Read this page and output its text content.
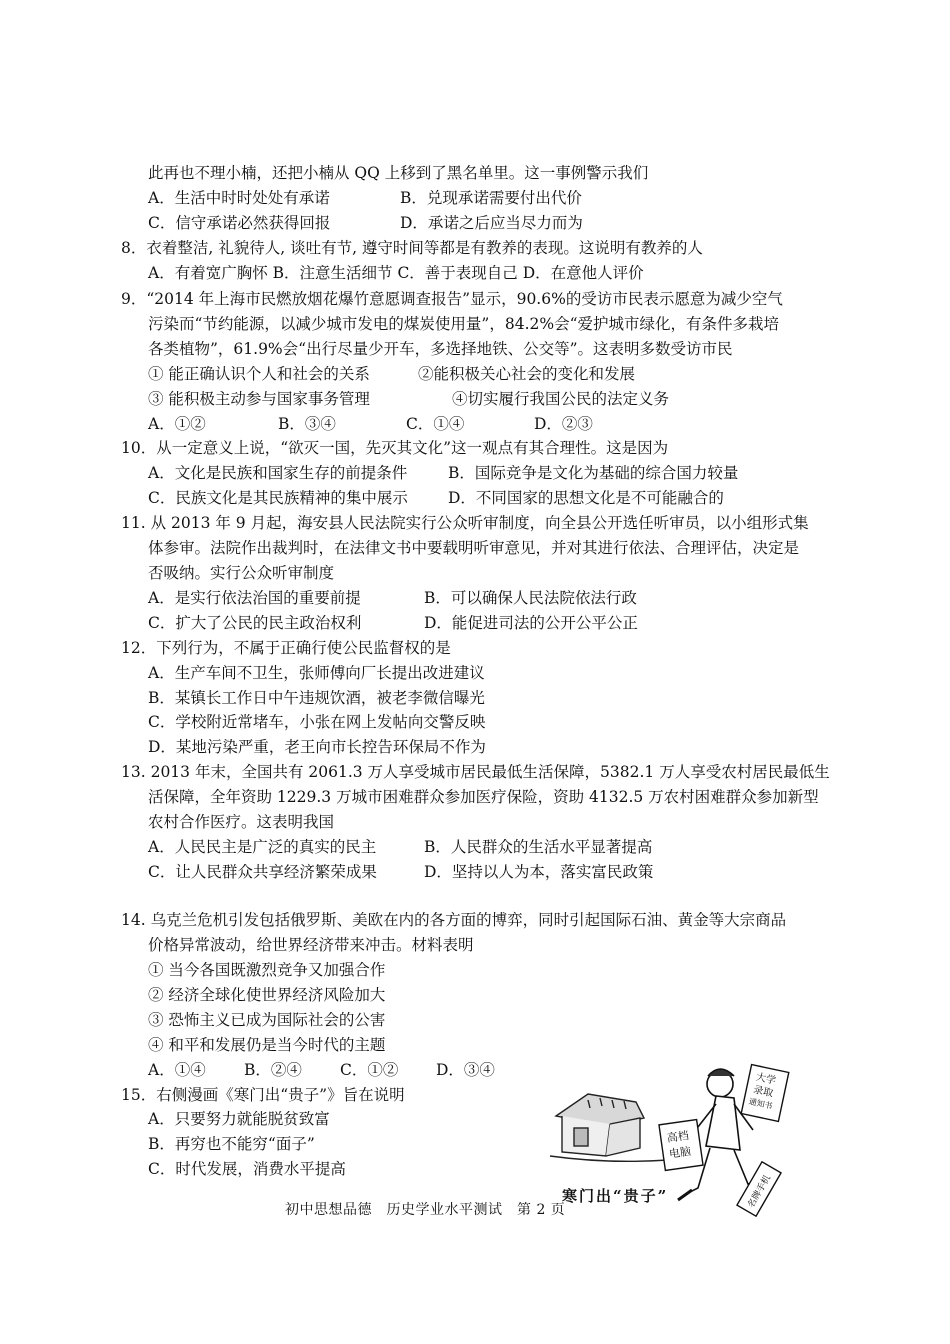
此再也不理小楠，还把小楠从 QQ 上移到了黑名单里。这一事例警示我们
A．生活中时时处处有承诺	B．兑现承诺需要付出代价
C．信守承诺必然获得回报	D．承诺之后应当尽力而为
8．衣着整洁, 礼貌待人, 谈吐有节, 遵守时间等都是有教养的表现。这说明有教养的人
A．有着宽广胸怀 B．注意生活细节 C．善于表现自己 D．在意他人评价
9．“2014 年上海市民燃放烟花爆竹意愿调查报告”显示，90.6%的受访市民表示愿意为减少空气
污染而“节约能源，以减少城市发电的煤炭使用量”，84.2%会“爱护城市绿化，有条件多栽培
各类植物”，61.9%会“出行尽量少开车，多选择地铁、公交等”。这表明多数受访市民
① 能正确认识个人和社会的关系	②能积极关心社会的变化和发展
③ 能积极主动参与国家事务管理	④切实履行我国公民的法定义务
A．①②	B．③④	C．①④	D．②③
10．从一定意义上说，“欲灭一国，先灭其文化”这一观点有其合理性。这是因为
A．文化是民族和国家生存的前提条件	B．国际竞争是文化为基础的综合国力较量
C．民族文化是其民族精神的集中展示	D．不同国家的思想文化是不可能融合的
11. 从 2013 年 9 月起，海安县人民法院实行公众听审制度，向全县公开选任听审员，以小组形式集
体参审。法院作出裁判时，在法律文书中要载明听审意见，并对其进行依法、合理评估，决定是
否吸纳。实行公众听审制度
A．是实行依法治国的重要前提	B．可以确保人民法院依法行政
C．扩大了公民的民主政治权利	D．能促进司法的公开公平公正
12．下列行为，不属于正确行使公民监督权的是
A．生产车间不卫生，张师傅向厂长提出改进建议
B．某镇长工作日中午违规饮酒，被老李微信曝光
C．学校附近常堵车，小张在网上发帖向交警反映
D．某地污染严重，老王向市长控告环保局不作为
13. 2013 年末，全国共有 2061.3 万人享受城市居民最低生活保障，5382.1 万人享受农村居民最低生
活保障，全年资助 1229.3 万城市困难群众参加医疗保险，资助 4132.5 万农村困难群众参加新型
农村合作医疗。这表明我国
A．人民民主是广泛的真实的民主	B．人民群众的生活水平显著提高
C．让人民群众共享经济繁荣成果	D．坚持以人为本，落实富民政策
14. 乌克兰危机引发包括俄罗斯、美欧在内的各方面的博弈，同时引起国际石油、黄金等大宗商品
价格异常波动，给世界经济带来冲击。材料表明
① 当今各国既激烈竞争又加强合作
② 经济全球化使世界经济风险加大
③ 恐怖主义已成为国际社会的公害
④ 和平和发展仍是当今时代的主题
A．①④ B．②④ C．①② D．③④
15．右侧漫画《寒门出“贵子”》旨在说明
A．只要努力就能脱贫致富
B．再穷也不能穷“面子”
C．时代发展，消费水平提高
大学
录取
通知书
高档
电脑
名牌手机
寒门出“贵子”
初中思想品德　历史学业水平测试　第 2 页
